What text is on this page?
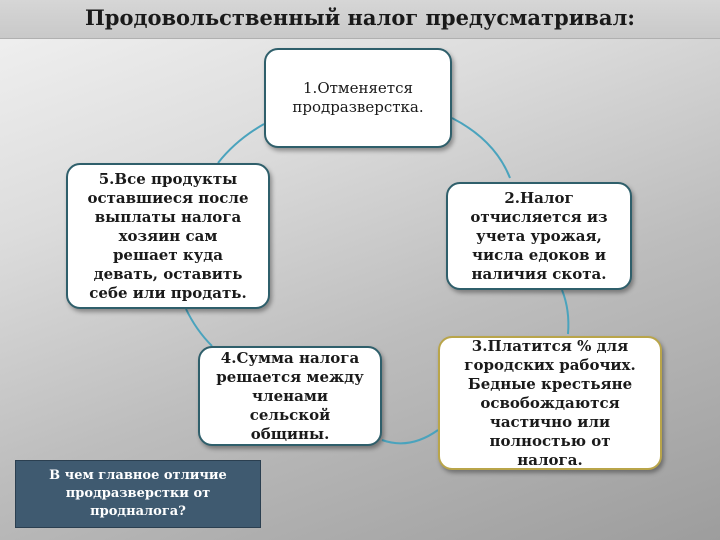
Продовольственный налог предусматривал:
1.Отменяется
продразверстка.
2.Налог
отчисляется из
учета урожая,
числа едоков и
наличия скота.
3.Платится % для
городских рабочих.
Бедные крестьяне
освобождаются
частично или
полностью от
налога.
4.Сумма налога
решается между
членами
сельской
общины.
5.Все продукты
оставшиеся после
выплаты налога
хозяин сам
решает куда
девать, оставить
себе или продать.
В чем главное отличие
продразверстки от
продналога?
